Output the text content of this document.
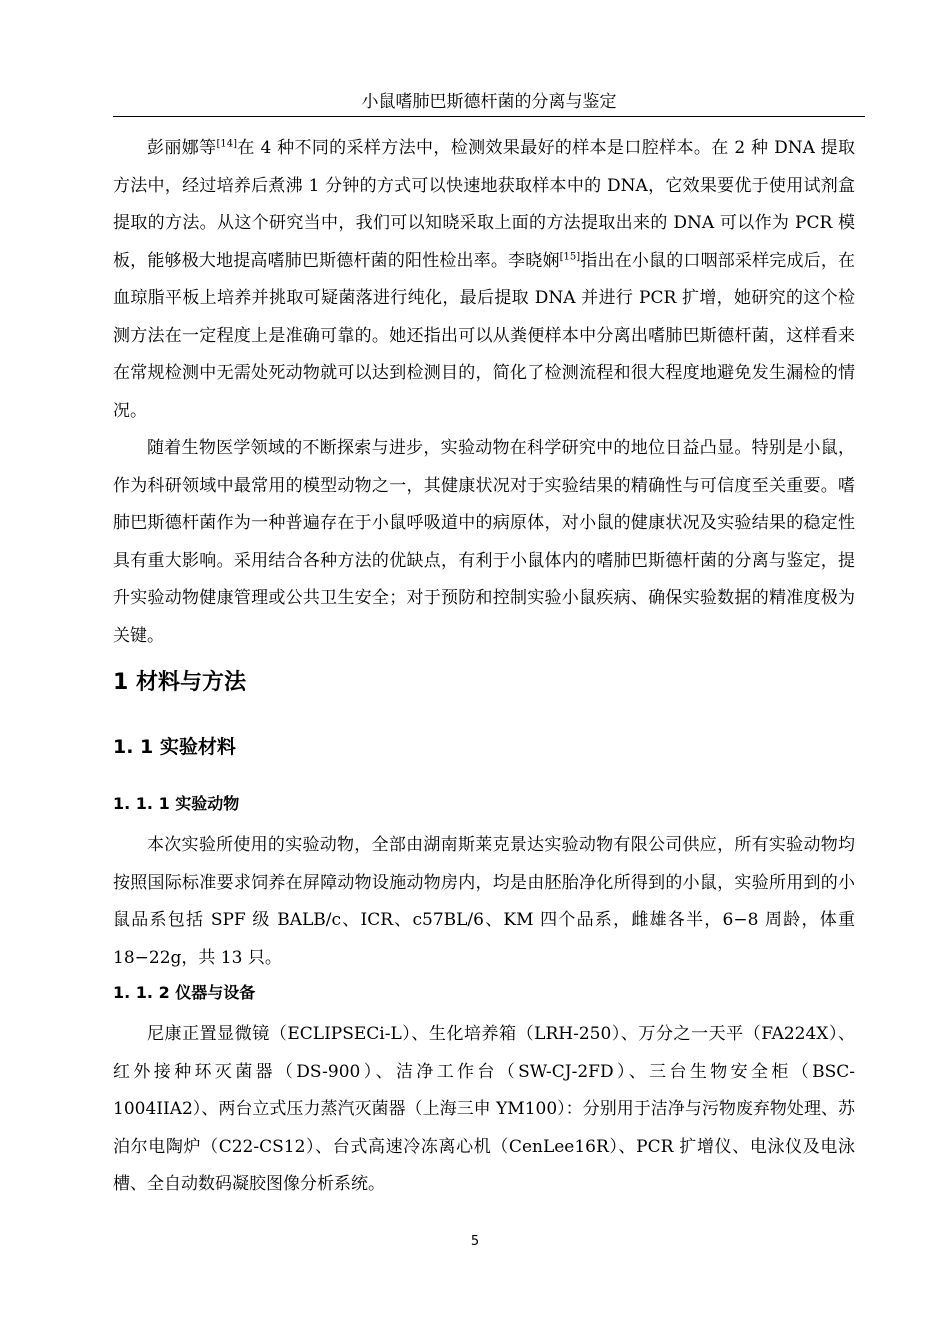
小鼠嗜肺巴斯德杆菌的分离与鉴定

彭丽娜等[14]在 4 种不同的采样方法中，检测效果最好的样本是口腔样本。在 2 种 DNA 提取方法中，经过培养后煮沸 1 分钟的方式可以快速地获取样本中的 DNA，它效果要优于使用试剂盒提取的方法。从这个研究当中，我们可以知晓采取上面的方法提取出来的 DNA 可以作为 PCR 模板，能够极大地提高嗜肺巴斯德杆菌的阳性检出率。李晓娴[15]指出在小鼠的口咽部采样完成后，在血琼脂平板上培养并挑取可疑菌落进行纯化，最后提取 DNA 并进行 PCR 扩增，她研究的这个检测方法在一定程度上是准确可靠的。她还指出可以从粪便样本中分离出嗜肺巴斯德杆菌，这样看来在常规检测中无需处死动物就可以达到检测目的，简化了检测流程和很大程度地避免发生漏检的情况。

随着生物医学领域的不断探索与进步，实验动物在科学研究中的地位日益凸显。特别是小鼠，作为科研领域中最常用的模型动物之一，其健康状况对于实验结果的精确性与可信度至关重要。嗜肺巴斯德杆菌作为一种普遍存在于小鼠呼吸道中的病原体，对小鼠的健康状况及实验结果的稳定性具有重大影响。采用结合各种方法的优缺点，有利于小鼠体内的嗜肺巴斯德杆菌的分离与鉴定，提升实验动物健康管理或公共卫生安全；对于预防和控制实验小鼠疾病、确保实验数据的精准度极为关键。

1 材料与方法
1. 1 实验材料
1. 1. 1 实验动物

本次实验所使用的实验动物，全部由湖南斯莱克景达实验动物有限公司供应，所有实验动物均按照国际标准要求饲养在屏障动物设施动物房内，均是由胚胎净化所得到的小鼠，实验所用到的小鼠品系包括 SPF 级 BALB/c、ICR、c57BL/6、KM 四个品系，雌雄各半，6−8 周龄，体重 18−22g，共 13 只。

1. 1. 2 仪器与设备

尼康正置显微镜（ECLIPSECi-L）、生化培养箱（LRH-250）、万分之一天平（FA224X）、红外接种环灭菌器（DS-900）、洁净工作台（SW-CJ-2FD）、三台生物安全柜（BSC-1004IIA2）、两台立式压力蒸汽灭菌器（上海三申 YM100）：分别用于洁净与污物废弃物处理、苏泊尔电陶炉（C22-CS12）、台式高速冷冻离心机（CenLee16R）、PCR 扩增仪、电泳仪及电泳槽、全自动数码凝胶图像分析系统。

5
